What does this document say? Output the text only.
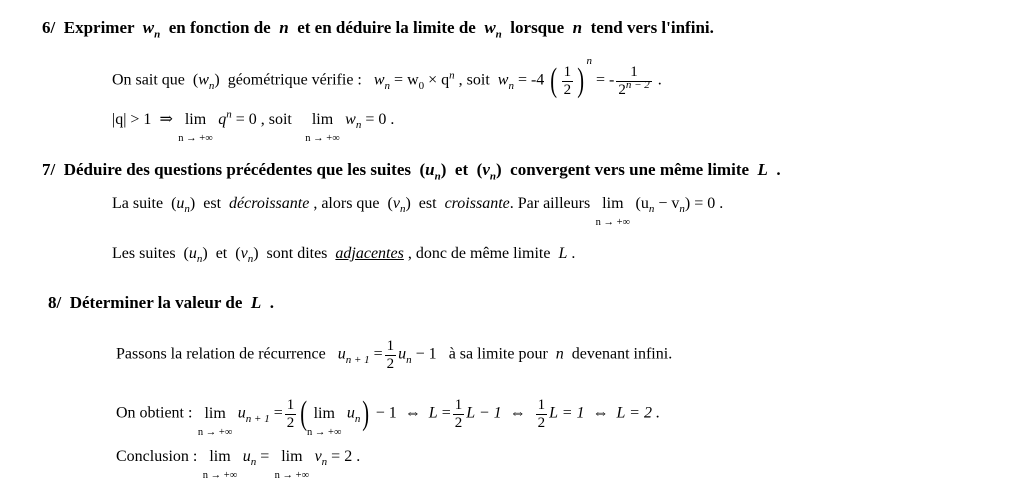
6/ Exprimer $w_n$ en fonction de n et en déduire la limite de $w_n$ lorsque n tend vers l'infini.
On sait que  $(w_n)$  géométrique vérifie : $w_n = w_0 \times q^n$ , soit $w_n = -4$ ( $\frac{1}{2} )^n$ = - $\frac{1}{2^{n - 2}}$ .
|q| > 1 ⇒ lim
n → +∞
$q^n = 0$ , soit lim
n → +∞
$w_n = 0$ .
7/ Déduire des questions précédentes que les suites  $(u_n)$  et  $(v_n)$  convergent vers une même limite L .
La suite  $(u_n)$  est décroissante , alors que  $(v_n)$  est croissante. Par ailleurs lim
n → +∞
$(u_n - v_n) = 0$ .
Les suites  $(u_n)$  et  $(v_n)$  sont dites adjacentes , donc de même limite L .
8/ Déterminer la valeur de L .
Passons la relation de récurrence $u_{n + 1} = \frac{1}{2} u_n - 1$ à sa limite pour n devenant infini.
On obtient : lim
n → +∞
$u_{n + 1} = \frac{1}{2}$ ( lim
n → +∞
$u_n) - 1$ ⇔ $L = \frac{1}{2}$ L − 1 ⇔ $\frac{1}{2}$ L = 1 ⇔ L = 2 .
Conclusion : lim
n → +∞
$u_n = \lim$
n → +∞
$v_n = 2$ .
